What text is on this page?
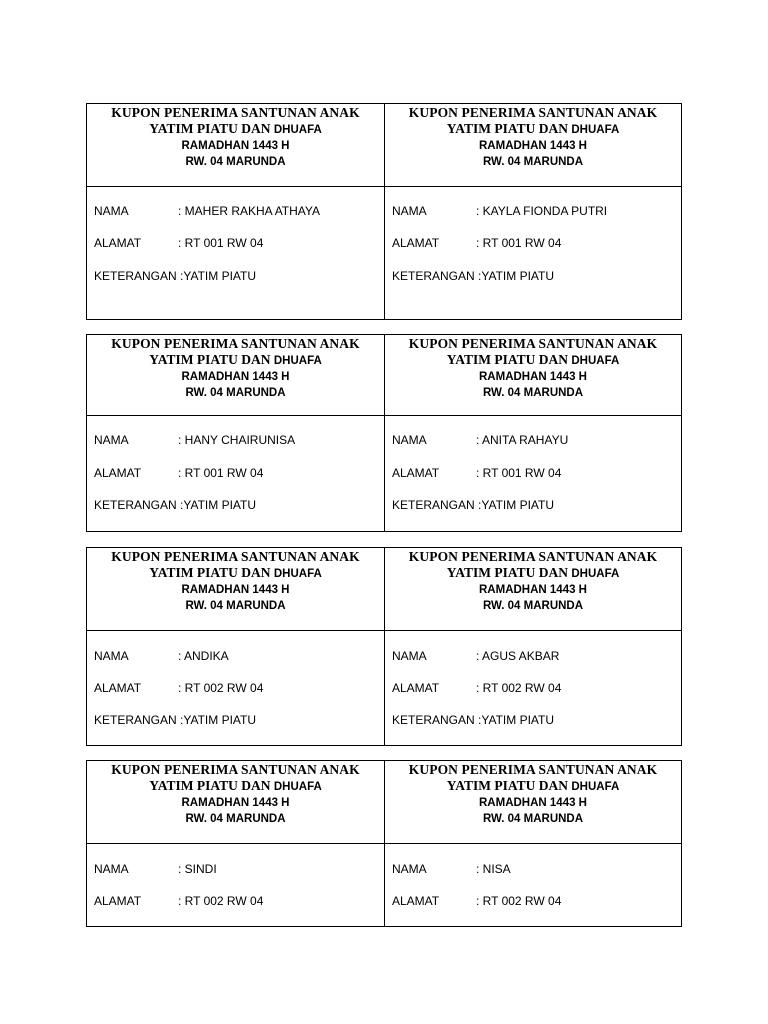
KUPON PENERIMA SANTUNAN ANAK
YATIM PIATU DAN DHUAFA
RAMADHAN 1443 H
RW. 04 MARUNDA
KUPON PENERIMA SANTUNAN ANAK
YATIM PIATU DAN DHUAFA
RAMADHAN 1443 H
RW. 04 MARUNDA
NAMA	: MAHER RAKHA ATHAYA
ALAMAT	: RT 001 RW 04
KETERANGAN :YATIM PIATU
NAMA	: KAYLA FIONDA PUTRI
ALAMAT	: RT 001 RW 04
KETERANGAN :YATIM PIATU
KUPON PENERIMA SANTUNAN ANAK
YATIM PIATU DAN DHUAFA
RAMADHAN 1443 H
RW. 04 MARUNDA
KUPON PENERIMA SANTUNAN ANAK
YATIM PIATU DAN DHUAFA
RAMADHAN 1443 H
RW. 04 MARUNDA
NAMA	: HANY CHAIRUNISA
ALAMAT	: RT 001 RW 04
KETERANGAN :YATIM PIATU
NAMA	: ANITA RAHAYU
ALAMAT	: RT 001 RW 04
KETERANGAN :YATIM PIATU
KUPON PENERIMA SANTUNAN ANAK
YATIM PIATU DAN DHUAFA
RAMADHAN 1443 H
RW. 04 MARUNDA
KUPON PENERIMA SANTUNAN ANAK
YATIM PIATU DAN DHUAFA
RAMADHAN 1443 H
RW. 04 MARUNDA
NAMA	: ANDIKA
ALAMAT	: RT 002 RW 04
KETERANGAN :YATIM PIATU
NAMA	: AGUS AKBAR
ALAMAT	: RT 002 RW 04
KETERANGAN :YATIM PIATU
KUPON PENERIMA SANTUNAN ANAK
YATIM PIATU DAN DHUAFA
RAMADHAN 1443 H
RW. 04 MARUNDA
KUPON PENERIMA SANTUNAN ANAK
YATIM PIATU DAN DHUAFA
RAMADHAN 1443 H
RW. 04 MARUNDA
NAMA	: SINDI
ALAMAT	: RT 002 RW 04
NAMA	: NISA
ALAMAT	: RT 002 RW 04
